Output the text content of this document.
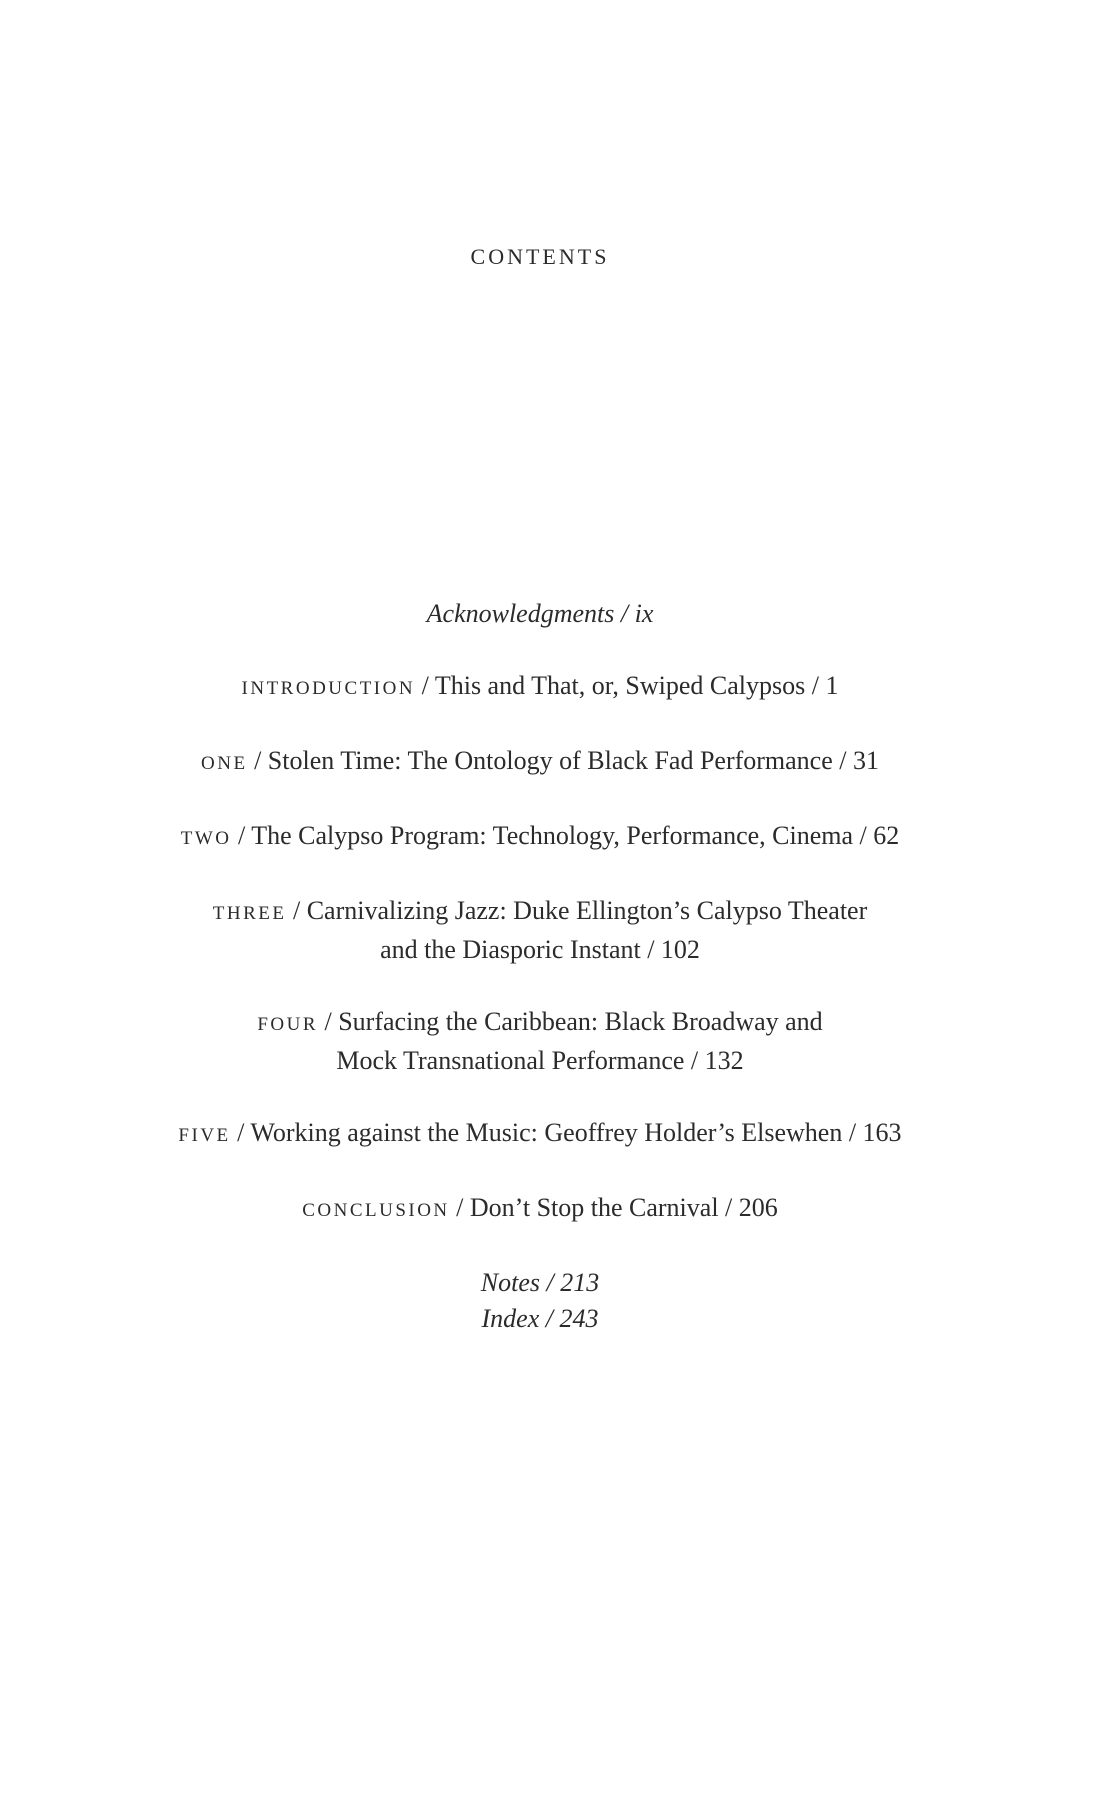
CONTENTS
Acknowledgments / ix
INTRODUCTION / This and That, or, Swiped Calypsos / 1
ONE / Stolen Time: The Ontology of Black Fad Performance / 31
TWO / The Calypso Program: Technology, Performance, Cinema / 62
THREE / Carnivalizing Jazz: Duke Ellington’s Calypso Theater
and the Diasporic Instant / 102
FOUR / Surfacing the Caribbean: Black Broadway and
Mock Transnational Performance / 132
FIVE / Working against the Music: Geoffrey Holder’s Elsewhen / 163
CONCLUSION / Don’t Stop the Carnival / 206
Notes / 213
Index / 243
